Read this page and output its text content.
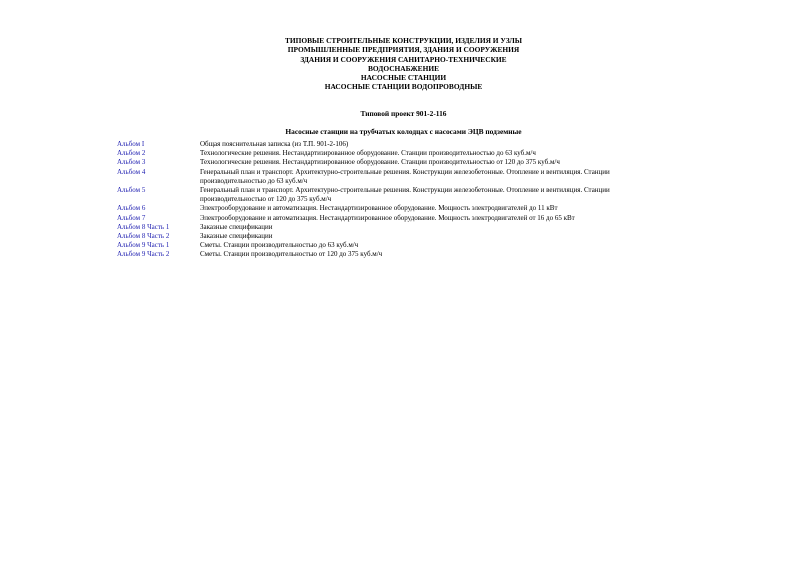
ТИПОВЫЕ СТРОИТЕЛЬНЫЕ КОНСТРУКЦИИ, ИЗДЕЛИЯ И УЗЛЫ
ПРОМЫШЛЕННЫЕ ПРЕДПРИЯТИЯ, ЗДАНИЯ И СООРУЖЕНИЯ
ЗДАНИЯ И СООРУЖЕНИЯ САНИТАРНО-ТЕХНИЧЕСКИЕ
ВОДОСНАБЖЕНИЕ
НАСОСНЫЕ СТАНЦИИ
НАСОСНЫЕ СТАНЦИИ ВОДОПРОВОДНЫЕ
Типовой проект 901-2-116
Насосные станции на трубчатых колодцах с насосами ЭЦВ подземные
Альбом I	Общая пояснительная записка (из Т.П. 901-2-106)
Альбом 2	Технологические решения. Нестандартизированное оборудование. Станции производительностью до 63 куб.м/ч
Альбом 3	Технологические решения. Нестандартизированное оборудование. Станции производительностью от 120 до 375 куб.м/ч
Альбом 4	Генеральный план и транспорт. Архитектурно-строительные решения. Конструкции железобетонные. Отопление и вентиляция. Станции производительностью до 63 куб.м/ч
Альбом 5	Генеральный план и транспорт. Архитектурно-строительные решения. Конструкции железобетонные. Отопление и вентиляция. Станции производительностью от 120 до 375 куб.м/ч
Альбом 6	Электрооборудование и автоматизация. Нестандартизированное оборудование. Мощность электродвигателей до 11 кВт
Альбом 7	Электрооборудование и автоматизация. Нестандартизированное оборудование. Мощность электродвигателей от 16 до 65 кВт
Альбом 8 Часть 1	Заказные спецификации
Альбом 8 Часть 2	Заказные спецификации
Альбом 9 Часть 1	Сметы. Станции производительностью до 63 куб.м/ч
Альбом 9 Часть 2	Сметы. Станции производительностью от 120 до 375 куб.м/ч
